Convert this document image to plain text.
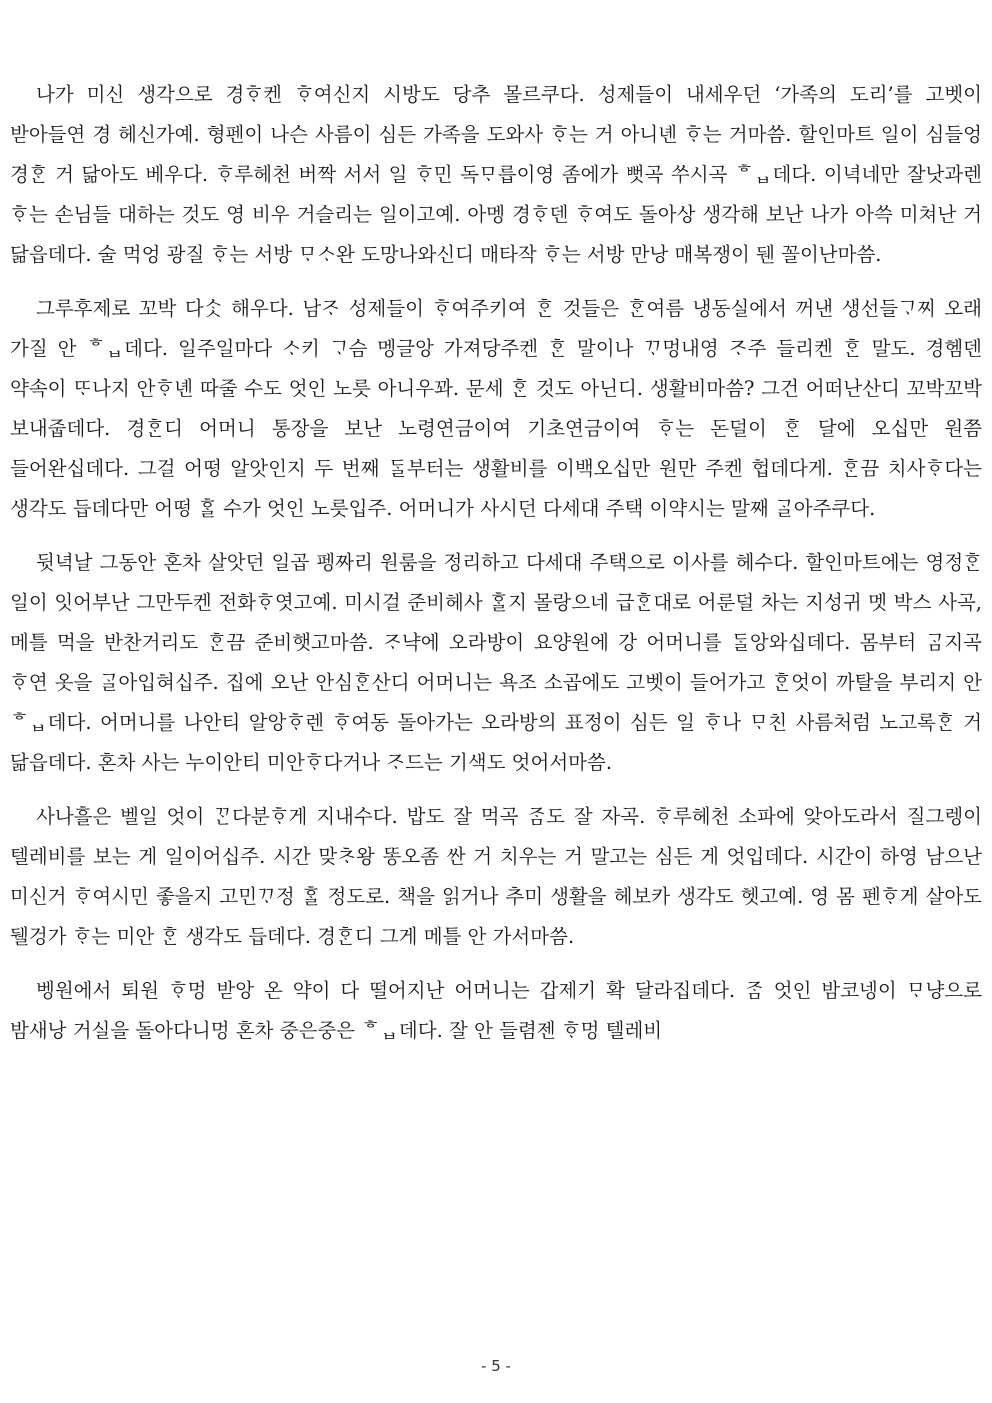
나가 미신 생각으로 경ᄒᆞ켄 ᄒᆞ여신지 시방도 당추 몰르쿠다. 성제들이 내세우던 ‘가족의 도리’를 고벳이 받아들연 경 헤신가예. 형펜이 나슨 사름이 심든 가족을 도와사 ᄒᆞ는 거 아니녠 ᄒᆞ는 거마씀. 할인마트 일이 심들엉 경ᄒᆞᆫ 거 닮아도 베우다. ᄒᆞ루헤천 버짝 서서 일 ᄒᆞ민 독ᄆᆞ릅이영 좀에가 뻣곡 쑤시곡 ᄒᆸ데다. 이녁네만 잘낫과렌 ᄒᆞ는 손님들 대하는 것도 영 비우 거슬리는 일이고예. 아멩 경ᄒᆞ덴 ᄒᆞ여도 돌아상 생각해 보난 나가 아쓱 미쳐난 거 닮읍데다. 술 먹엉 광질 ᄒᆞ는 서방 ᄆᆞᄉᆞ완 도망나와신디 매타작 ᄒᆞ는 서방 만낭 매복쟁이 뒌 꼴이난마씀.

그루후제로 꼬박 다ᄉᆞᆺ 해우다. 남ᄌᆞ 성제들이 ᄒᆞ여주키여 ᄒᆞᆫ 것들은 ᄒᆞᆫ여름 냉동실에서 꺼낸 생선들ᄀᆞ찌 오래 가질 안 ᄒᆸ데다. 일주일마다 ᄉᆞ키 ᄀᆞ슴 멩글앙 가져당주켄 ᄒᆞᆫ 말이나 ᄁᆞ멍내영 ᄌᆞ주 들리켄 ᄒᆞᆫ 말도. 경헴덴 약속이 ᄄᆞ나지 안ᄒᆞ녠 따줄 수도 엇인 노릇 아니우꽈. 문세 ᄒᆞᆫ 것도 아닌디. 생활비마씀? 그건 어떠난산디 꼬박꼬박 보내줍데다. 경ᄒᆞᆫ디 어머니 통장을 보난 노령연금이여 기초연금이여 ᄒᆞ는 돈덜이 ᄒᆞᆫ 달에 오십만 원쯤 들어완십데다. 그걸 어떵 알앗인지 두 번째 ᄃᆞᆯ부터는 생활비를 이백오십만 원만 주켄 헙데다게. ᄒᆞᆫ끔 치사ᄒᆞ다는 생각도 듭데다만 어떵 ᄒᆞᆯ 수가 엇인 노릇입주. 어머니가 사시던 다세대 주택 이약시는 말째 ᄀᆞᆯ아주쿠다.

뒷녁날 그동안 혼차 살앗던 일곱 펭짜리 원룸을 정리하고 다세대 주택으로 이사를 헤수다. 할인마트에는 영정ᄒᆞᆫ 일이 잇어부난 그만두켄 전화ᄒᆞ엿고예. 미시걸 준비헤사 ᄒᆞᆯ지 몰랑으네 급ᄒᆞᆫ대로 어룬덜 차는 지성귀 멧 박스 사곡, 메틀 먹을 반찬거리도 ᄒᆞᆫ끔 준비햇고마씀. ᄌᆞ냑에 오라방이 요양원에 강 어머니를 ᄃᆞᆯ앙와십데다. 몸부터 ᄀᆞᆷ지곡 ᄒᆞ연 옷을 ᄀᆞᆯ아입혀십주. 집에 오난 안심ᄒᆞᆫ산디 어머니는 욕조 소곱에도 고벳이 들어가고 ᄒᆞᆫ엇이 까탈을 부리지 안 ᄒᆸ데다. 어머니를 나안티 알앙ᄒᆞ렌 ᄒᆞ여동 돌아가는 오라방의 표정이 심든 일 ᄒᆞ나 ᄆᆞ친 사름처럼 노고록ᄒᆞᆫ 거 닮읍데다. 혼차 사는 누이안티 미안ᄒᆞ다거나 ᄌᆞ드는 기색도 엇어서마씀.

사나흘은 벨일 엇이 ᄁᆞᆫ다분ᄒᆞ게 지내수다. 밥도 잘 먹곡 ᄌᆞᆷ도 잘 자곡. ᄒᆞ루헤천 소파에 앚아도라서 질그렝이 텔레비를 보는 게 일이어십주. 시간 맞ᄎᆞ왕 똥오좀 싼 거 치우는 거 말고는 심든 게 엇입데다. 시간이 하영 남으난 미신거 ᄒᆞ여시민 좋을지 고민ᄁᆞ정 ᄒᆞᆯ 정도로. 책을 읽거나 추미 생활을 헤보카 생각도 헷고예. 영 몸 펜ᄒᆞ게 살아도 뒐겅가 ᄒᆞ는 미안 ᄒᆞᆫ 생각도 듭데다. 경ᄒᆞᆫ디 그게 메틀 안 가서마씀.

벵원에서 퇴원 ᄒᆞ멍 받앙 온 약이 다 떨어지난 어머니는 갑제기 확 달라집데다. ᄌᆞᆷ 엇인 밤코넹이 ᄆᆞ냥으로 밤새낭 거실을 돌아다니멍 혼차 중은중은 ᄒᆸ데다. 잘 안 들렴젠 ᄒᆞ멍 텔레비

- 5 -
